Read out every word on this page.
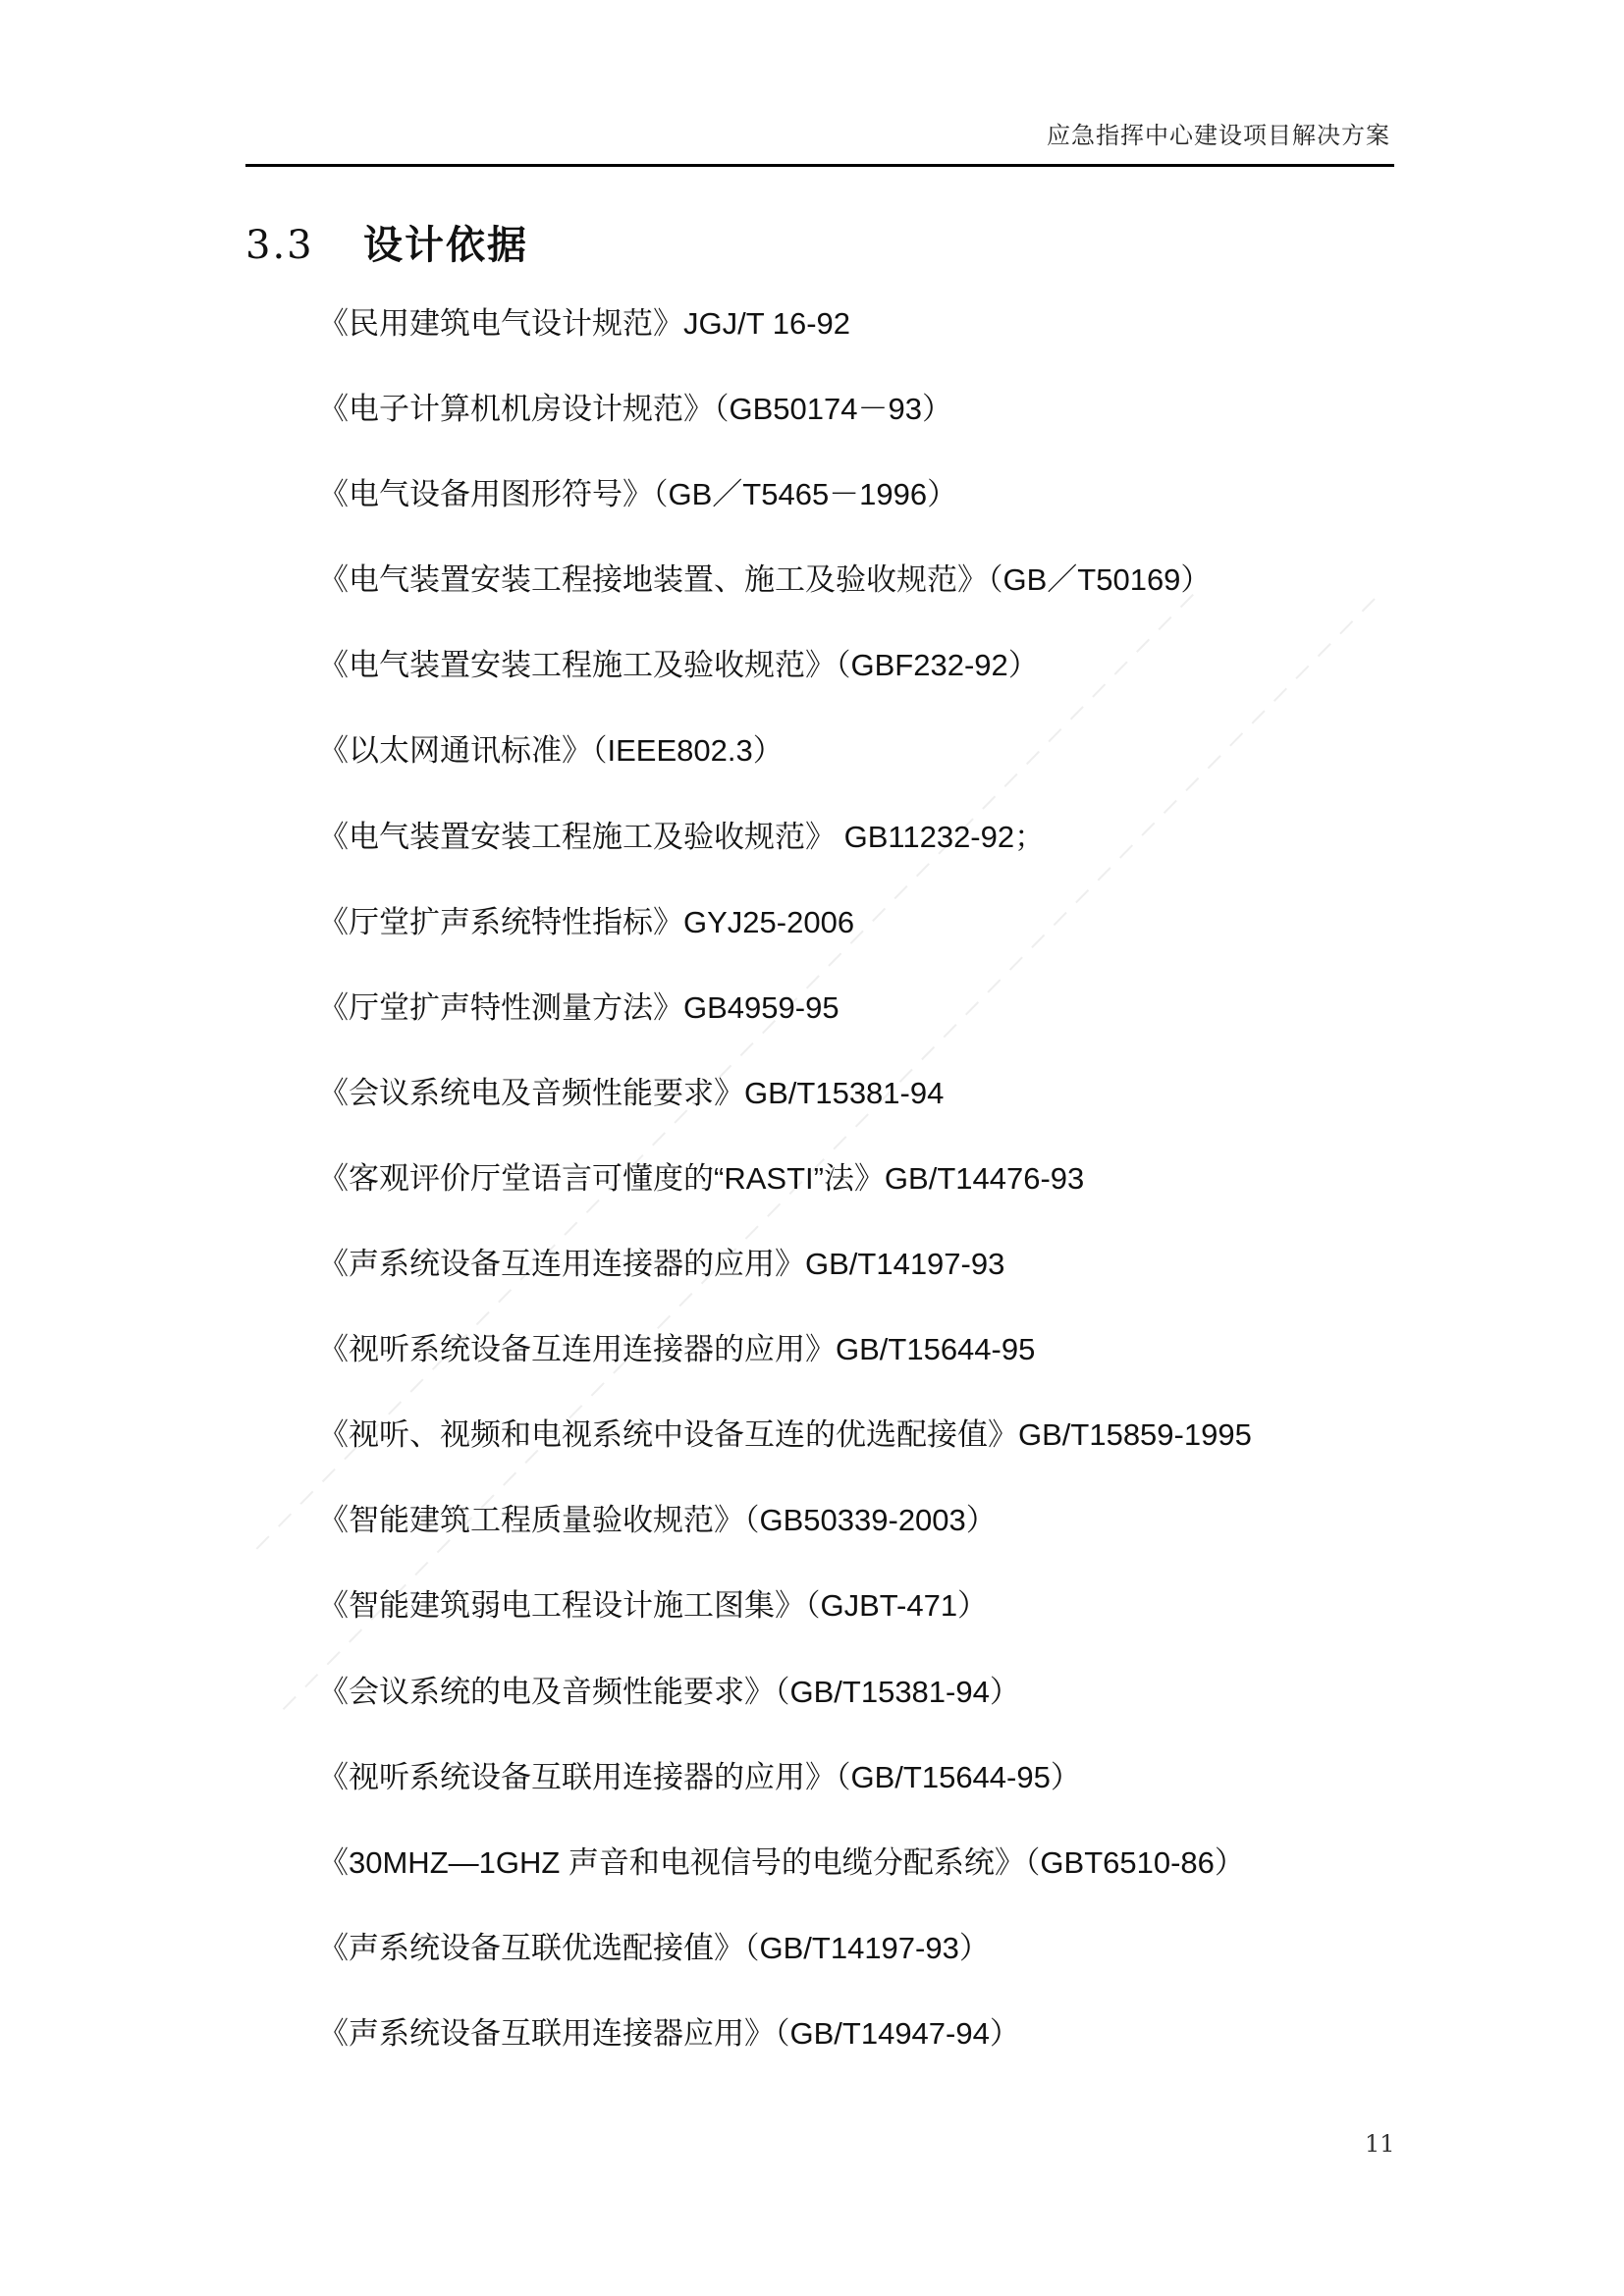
应急指挥中心建设项目解决方案
3.3 设计依据
《民用建筑电气设计规范》JGJ/T 16-92
《电子计算机机房设计规范》（GB50174－93）
《电气设备用图形符号》（GB／T5465－1996）
《电气装置安装工程接地装置、施工及验收规范》（GB／T50169）
《电气装置安装工程施工及验收规范》（GBF232-92）
《以太网通讯标准》（IEEE802.3）
《电气装置安装工程施工及验收规范》 GB11232-92；
《厅堂扩声系统特性指标》GYJ25-2006
《厅堂扩声特性测量方法》GB4959-95
《会议系统电及音频性能要求》GB/T15381-94
《客观评价厅堂语言可懂度的“RASTI”法》GB/T14476-93
《声系统设备互连用连接器的应用》GB/T14197-93
《视听系统设备互连用连接器的应用》GB/T15644-95
《视听、视频和电视系统中设备互连的优选配接值》GB/T15859-1995
《智能建筑工程质量验收规范》（GB50339-2003）
《智能建筑弱电工程设计施工图集》（GJBT-471）
《会议系统的电及音频性能要求》（GB/T15381-94）
《视听系统设备互联用连接器的应用》（GB/T15644-95）
《30MHZ—1GHZ 声音和电视信号的电缆分配系统》（GBT6510-86）
《声系统设备互联优选配接值》（GB/T14197-93）
《声系统设备互联用连接器应用》（GB/T14947-94）
11
